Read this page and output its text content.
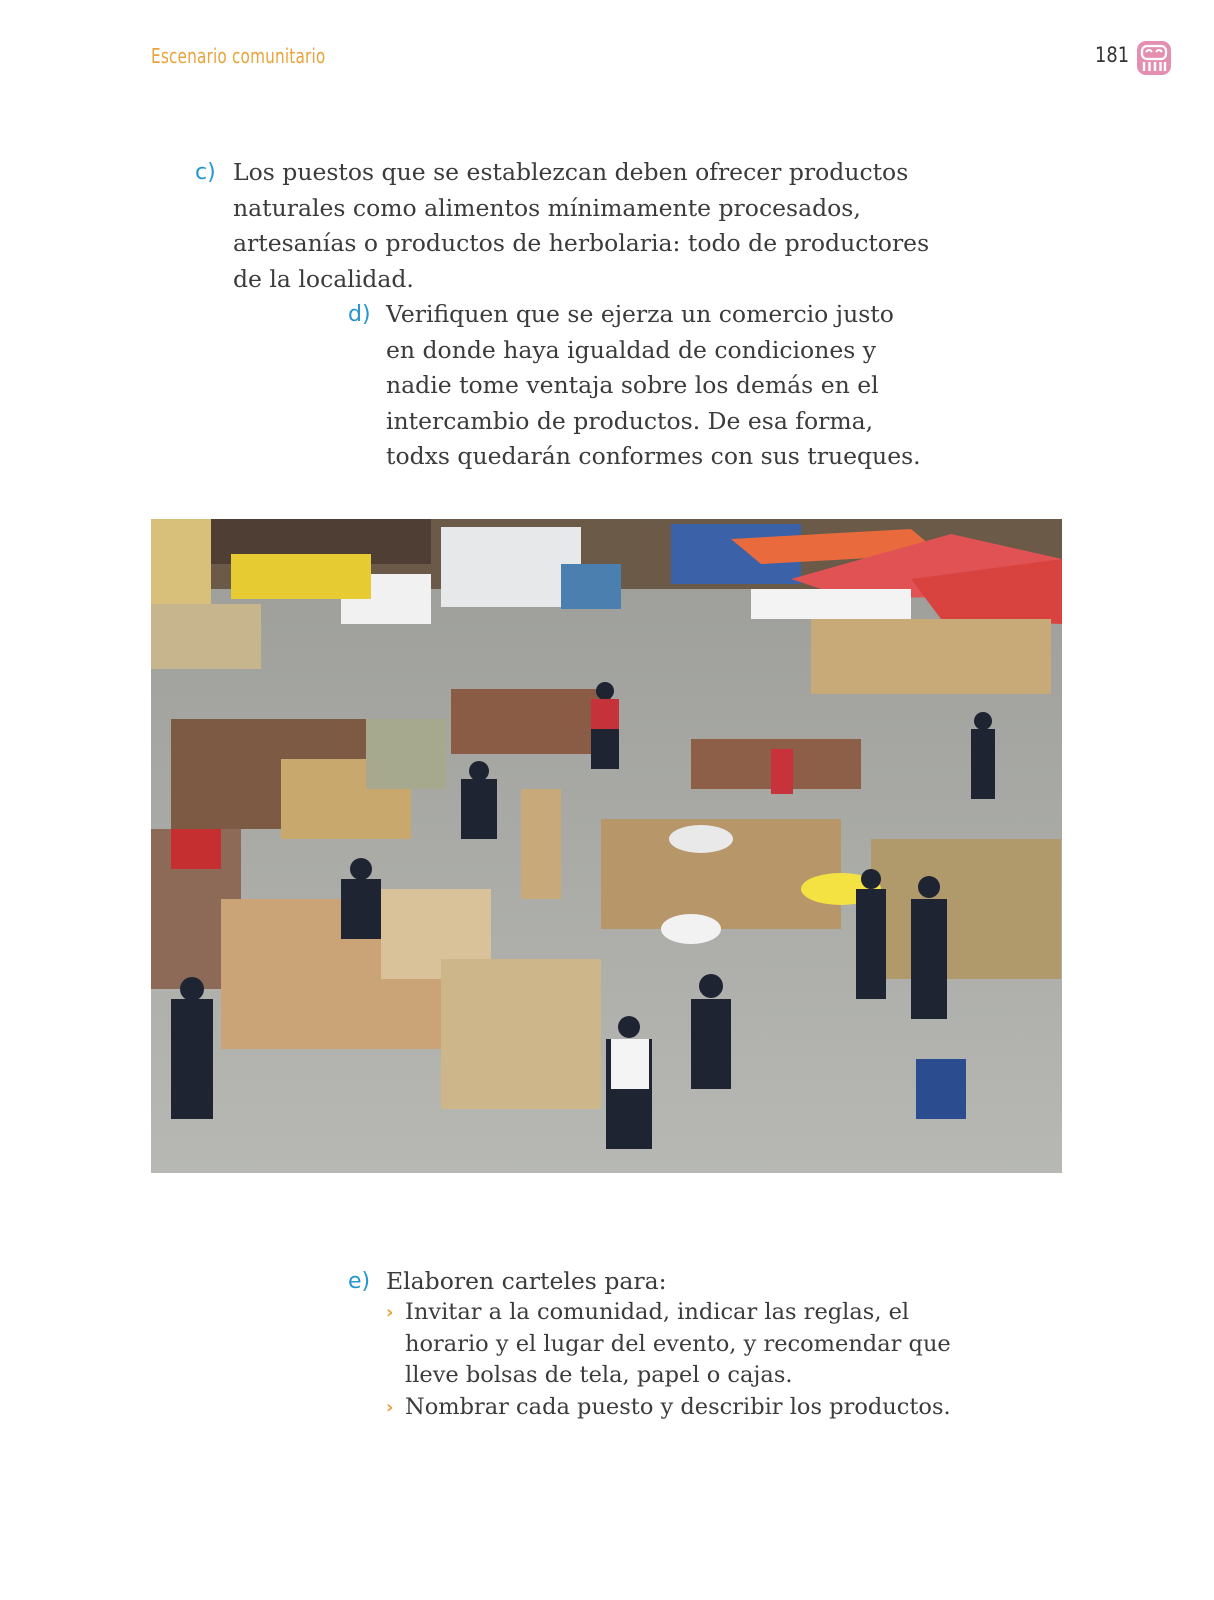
Escenario comunitario	181
c) Los puestos que se establezcan deben ofrecer productos
naturales como alimentos mínimamente procesados,
artesanías o productos de herbolaria: todo de productores
de la localidad.
d) Verifiquen que se ejerza un comercio justo
en donde haya igualdad de condiciones y
nadie tome ventaja sobre los demás en el
intercambio de productos. De esa forma,
todxs quedarán conformes con sus trueques.
e) Elaboren carteles para:
› Invitar a la comunidad, indicar las reglas, el
horario y el lugar del evento, y recomendar que
lleve bolsas de tela, papel o cajas.
› Nombrar cada puesto y describir los productos.
